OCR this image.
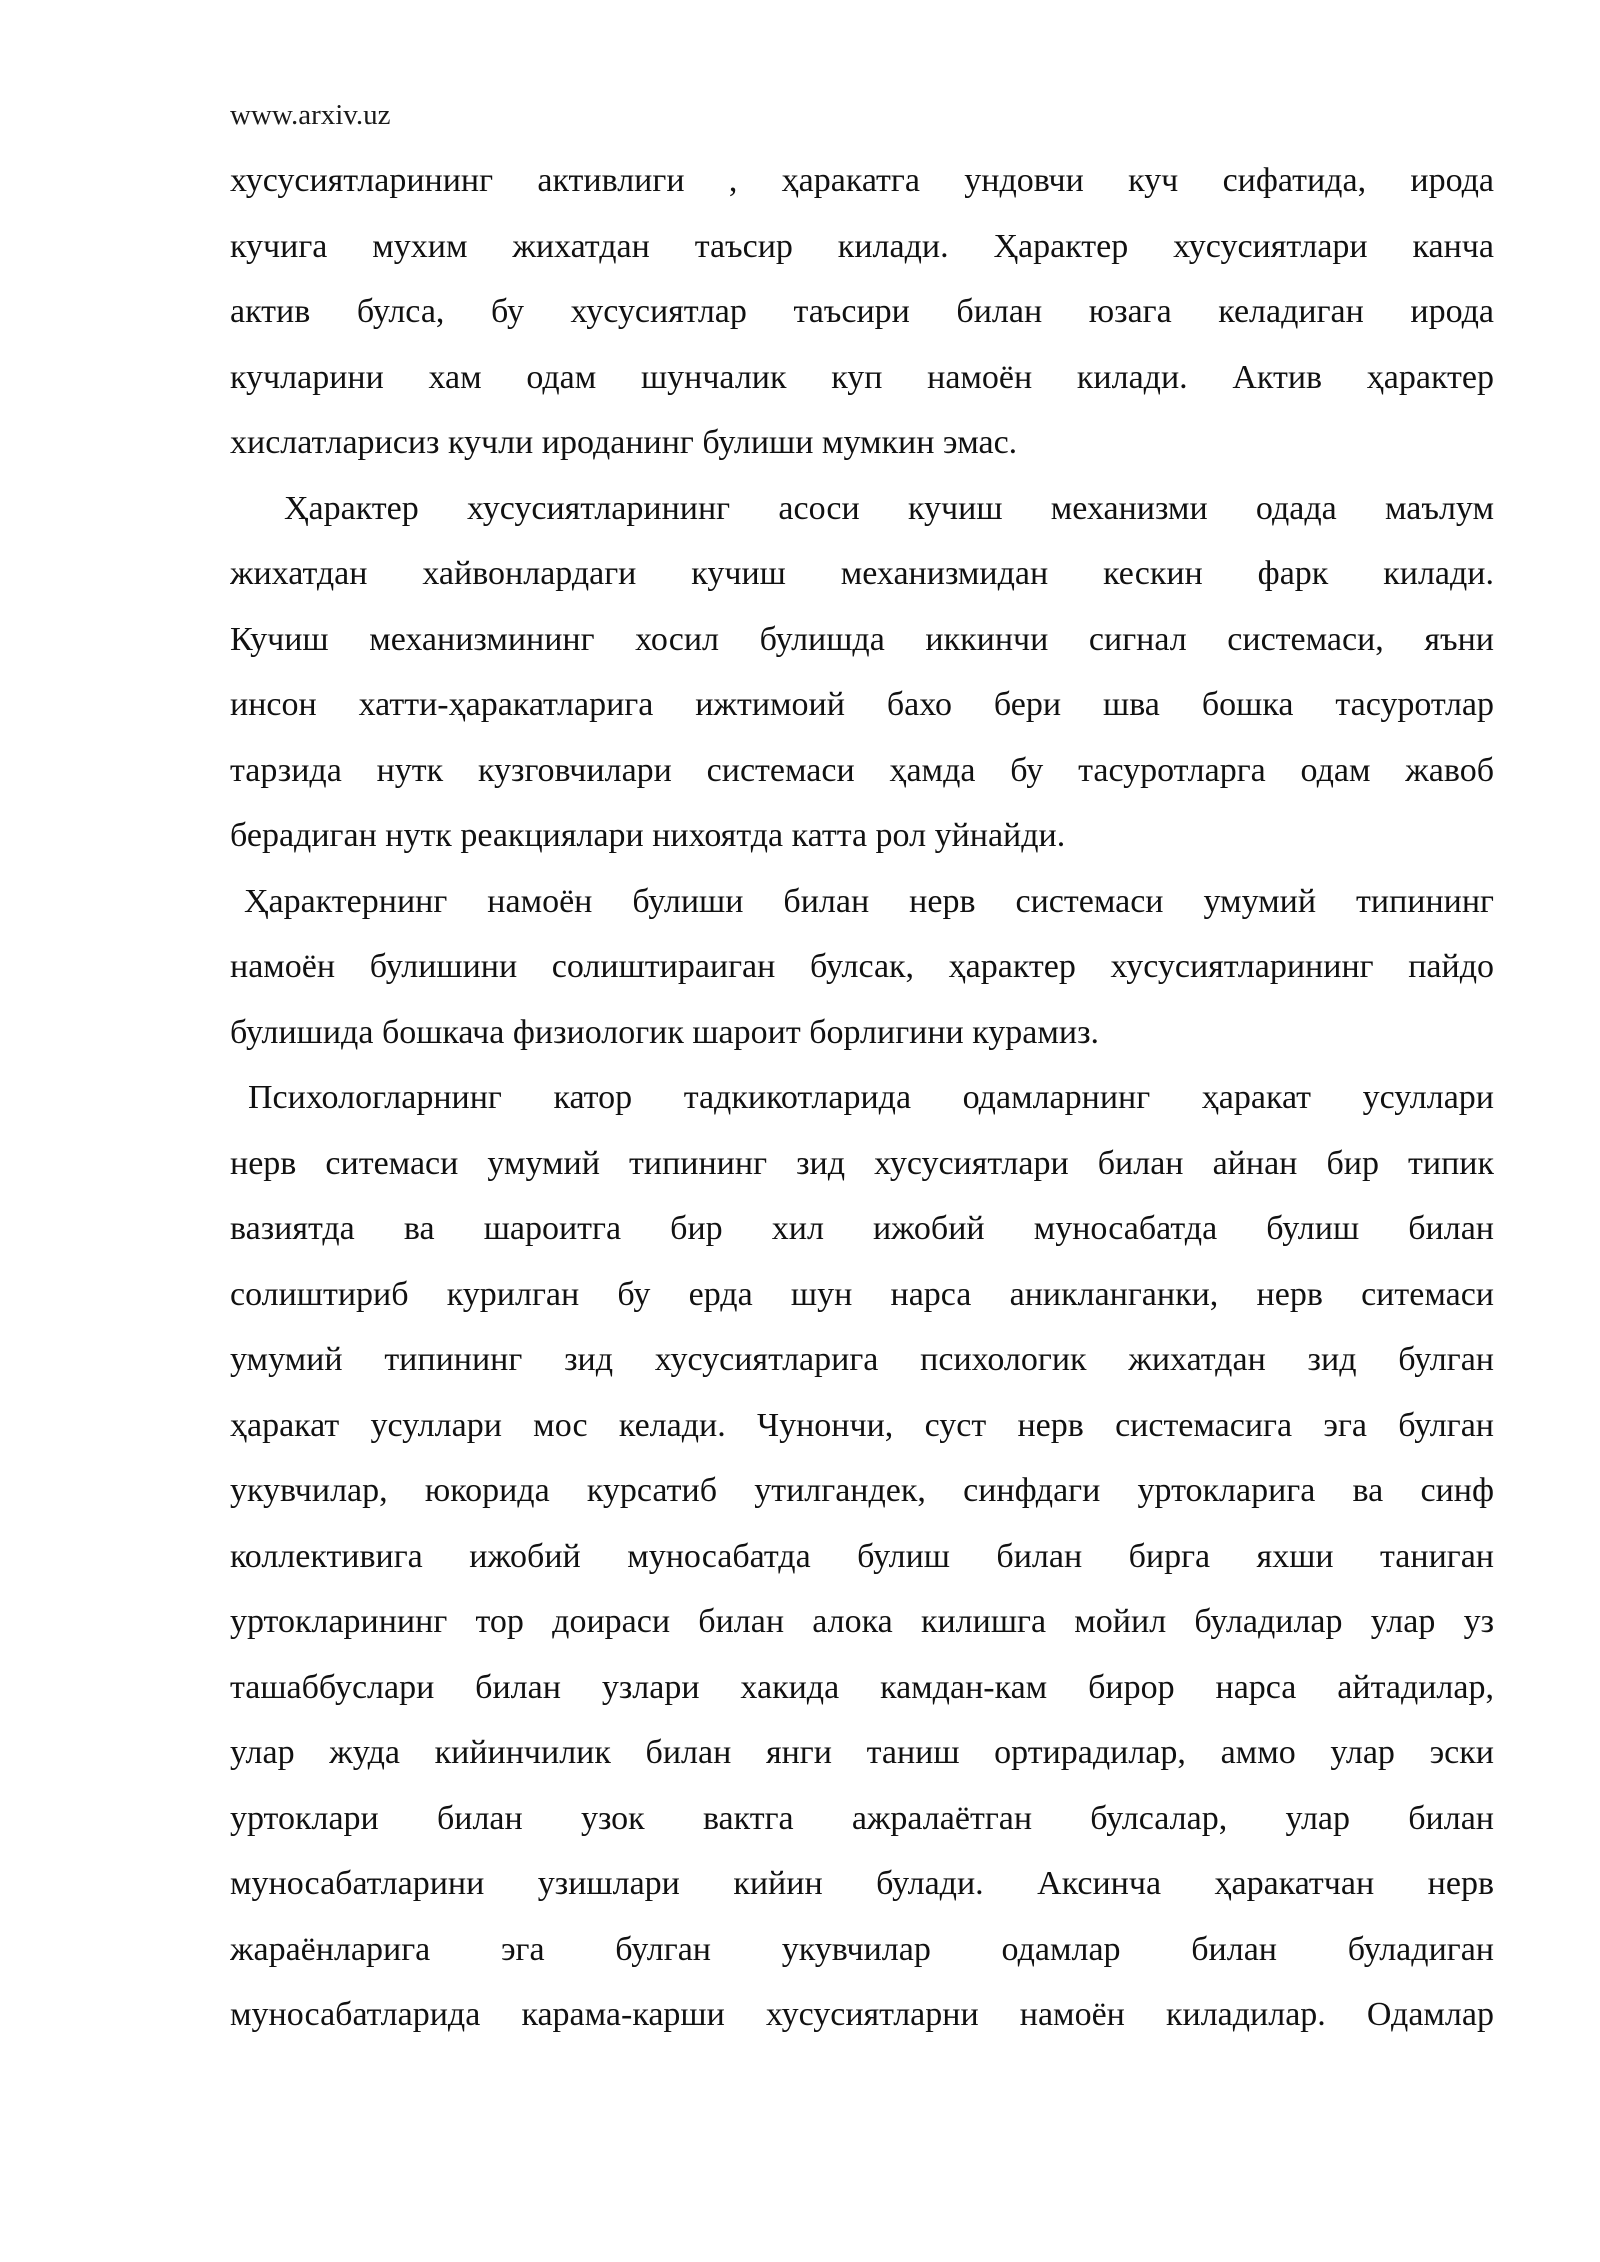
www.arxiv.uz
хусусиятларининг активлиги , ҳаракатга ундовчи куч сифатида, ирода
кучига мухим жихатдан таъсир килади. Ҳарактер хусусиятлари канча
актив булса, бу хусусиятлар таъсири билан юзага келадиган ирода
кучларини хам одам шунчалик куп намоён килади. Актив ҳарактер
хислатларисиз кучли ироданинг булиши мумкин эмас.
Ҳарактер хусусиятларининг асоси кучиш механизми одада маълум
жихатдан хайвонлардаги кучиш механизмидан кескин фарк килади.
Кучиш механизмининг хосил булишда иккинчи сигнал системаси, яъни
инсон хатти-ҳаракатларига ижтимоий бахо бери шва бошка тасуротлар
тарзида нутк кузговчилари системаси ҳамда бу тасуротларга одам жавоб
берадиган нутк реакциялари нихоятда катта рол уйнайди.
Ҳарактернинг намоён булиши билан нерв системаси умумий типининг
намоён булишини солиштираиган булсак, ҳарактер хусусиятларининг пайдо
булишида бошкача физиологик шароит борлигини курамиз.
Психологларнинг катор тадкикотларида одамларнинг ҳаракат усуллари
нерв ситемаси умумий типининг зид хусусиятлари билан айнан бир типик
вазиятда ва шароитга бир хил ижобий муносабатда булиш билан
солиштириб курилган бу ерда шун нарса аникланганки, нерв ситемаси
умумий типининг зид хусусиятларига психологик жихатдан зид булган
ҳаракат усуллари мос келади. Чунончи, суст нерв системасига эга булган
укувчилар, юкорида курсатиб утилгандек, синфдаги уртокларига ва синф
коллективига ижобий муносабатда булиш билан бирга яхши таниган
уртокларининг тор доираси билан алока килишга мойил буладилар улар уз
ташаббуслари билан узлари хакида камдан-кам бирор нарса айтадилар,
улар жуда кийинчилик билан янги таниш ортирадилар, аммо улар эски
уртоклари билан узок вактга ажралаётган булсалар, улар билан
муносабатларини узишлари кийин булади. Аксинча ҳаракатчан нерв
жараёнларига эга булган укувчилар одамлар билан буладиган
муносабатларида карама-карши хусусиятларни намоён киладилар. Одамлар
